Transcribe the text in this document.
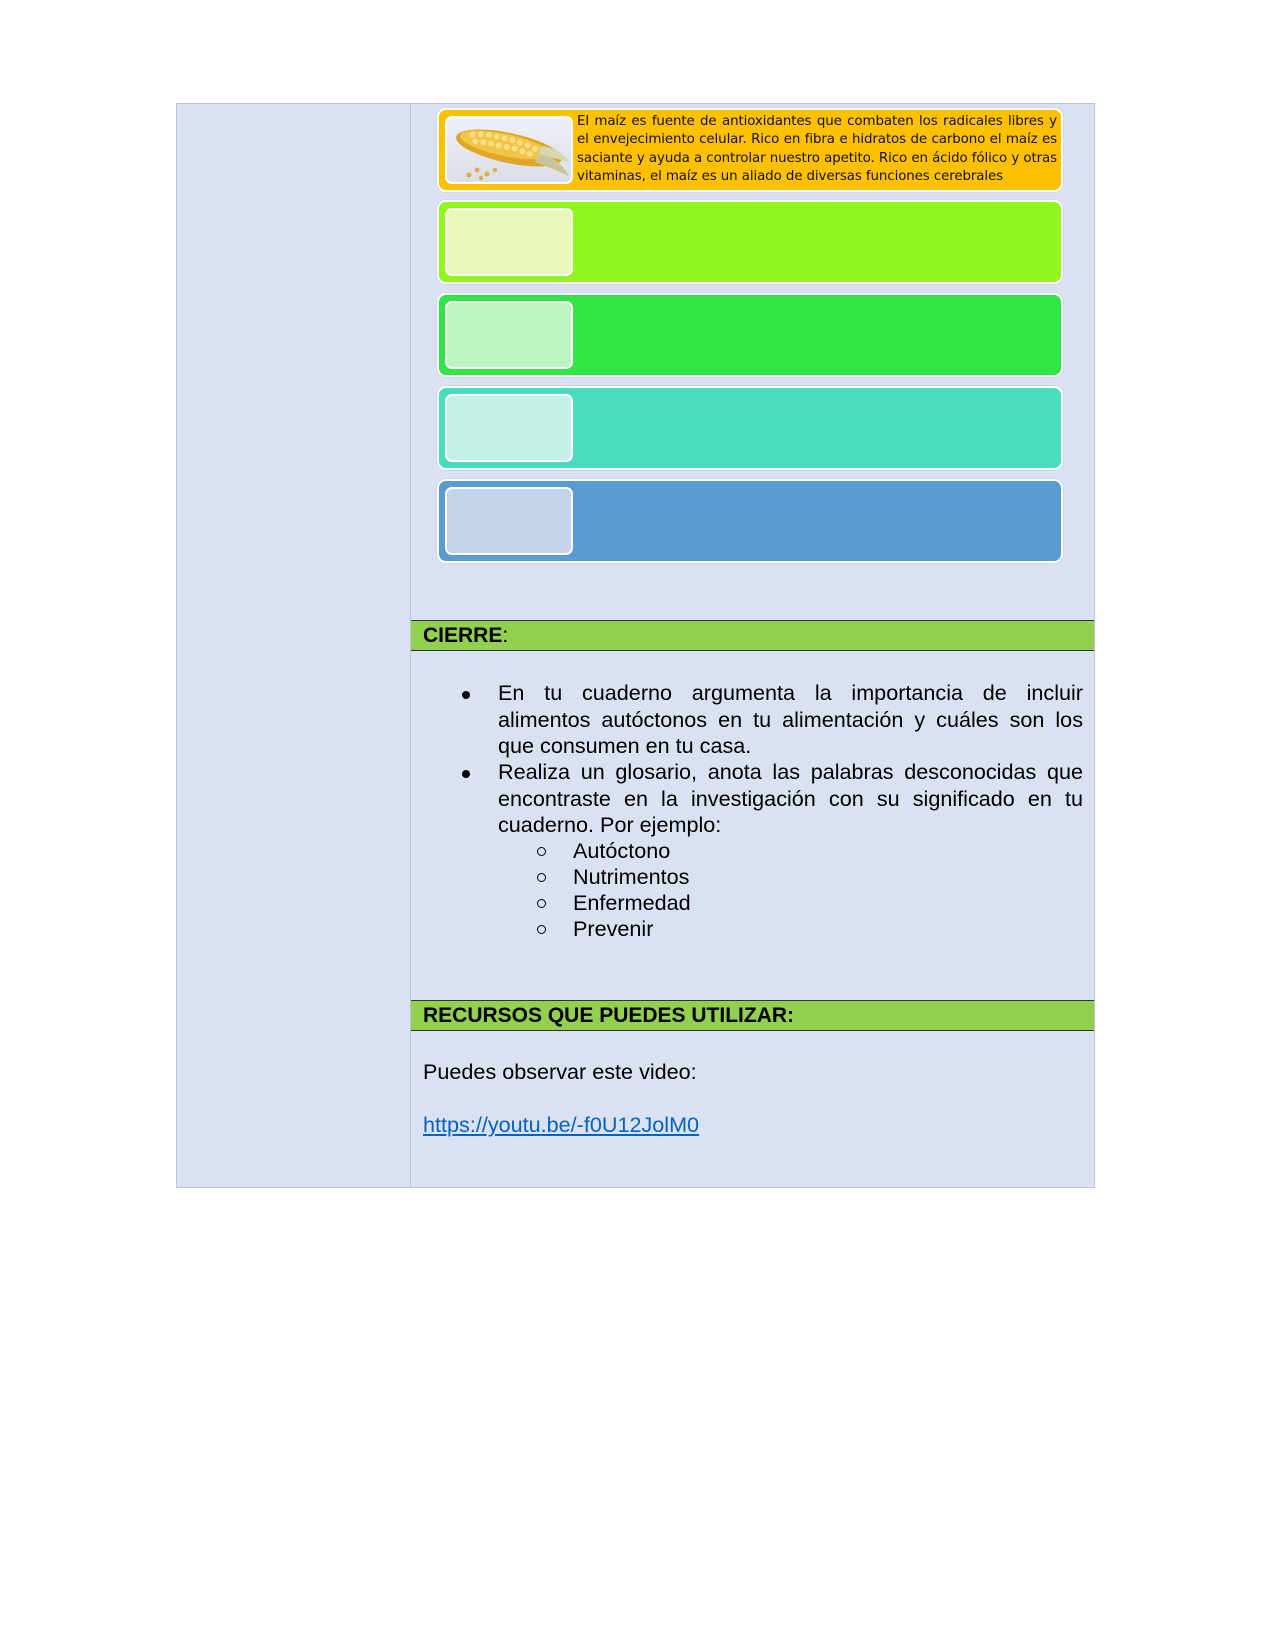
El maíz es fuente de antioxidantes que combaten los radicales libres y el envejecimiento celular. Rico en fibra e hidratos de carbono el maíz es saciante y ayuda a controlar nuestro apetito. Rico en ácido fólico y otras vitaminas, el maíz es un aliado de diversas funciones cerebrales
CIERRE:
En tu cuaderno argumenta la importancia de incluir alimentos autóctonos en tu alimentación y cuáles son los que consumen en tu casa.
Realiza un glosario, anota las palabras desconocidas que encontraste en la investigación con su significado en tu cuaderno. Por ejemplo:
Autóctono
Nutrimentos
Enfermedad
Prevenir
RECURSOS QUE PUEDES UTILIZAR:
Puedes observar este video:
https://youtu.be/-f0U12JolM0
